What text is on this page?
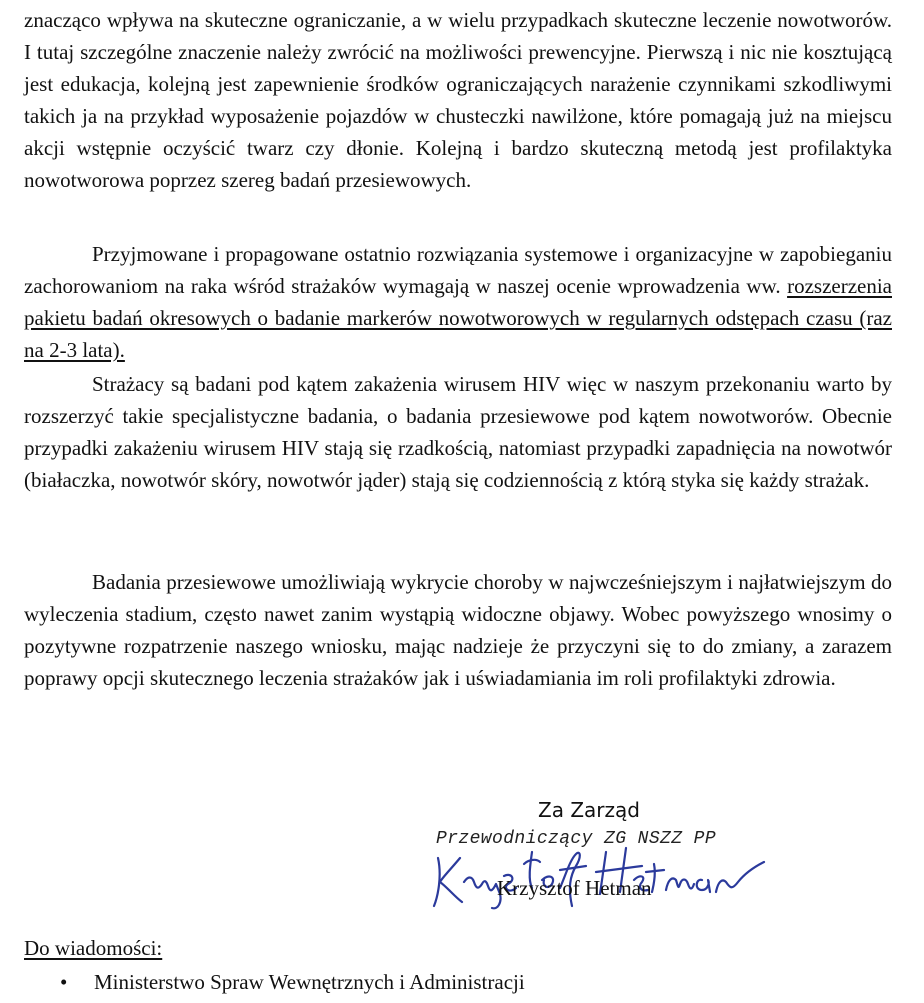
znacząco wpływa na skuteczne ograniczanie, a w wielu przypadkach skuteczne leczenie nowotworów. I tutaj szczególne znaczenie należy zwrócić na możliwości prewencyjne. Pierwszą i nic nie kosztującą jest edukacja, kolejną jest zapewnienie środków ograniczających narażenie czynnikami szkodliwymi takich ja na przykład wyposażenie pojazdów w chusteczki nawilżone, które pomagają już na miejscu akcji wstępnie oczyścić twarz czy dłonie. Kolejną i bardzo skuteczną metodą jest profilaktyka nowotworowa poprzez szereg badań przesiewowych.

Przyjmowane i propagowane ostatnio rozwiązania systemowe i organizacyjne w zapobieganiu zachorowaniom na raka wśród strażaków wymagają w naszej ocenie wprowadzenia ww. rozszerzenia pakietu badań okresowych o badanie markerów nowotworowych w regularnych odstępach czasu (raz na 2-3 lata).

Strażacy są badani pod kątem zakażenia wirusem HIV więc w naszym przekonaniu warto by rozszerzyć takie specjalistyczne badania, o badania przesiewowe pod kątem nowotworów. Obecnie przypadki zakażeniu wirusem HIV stają się rzadkością, natomiast przypadki zapadnięcia na nowotwór (białaczka, nowotwór skóry, nowotwór jąder) stają się codziennością z którą styka się każdy strażak.

Badania przesiewowe umożliwiają wykrycie choroby w najwcześniejszym i najłatwiejszym do wyleczenia stadium, często nawet zanim wystąpią widoczne objawy. Wobec powyższego wnosimy o pozytywne rozpatrzenie naszego wniosku, mając nadzieje że przyczyni się to do zmiany, a zarazem poprawy opcji skutecznego leczenia strażaków jak i uświadamiania im roli profilaktyki zdrowia.

Za Zarząd
Przewodniczący ZG NSZZ PP
Krzysztof Hetman
Do wiadomości:
• Ministerstwo Spraw Wewnętrznych i Administracji
